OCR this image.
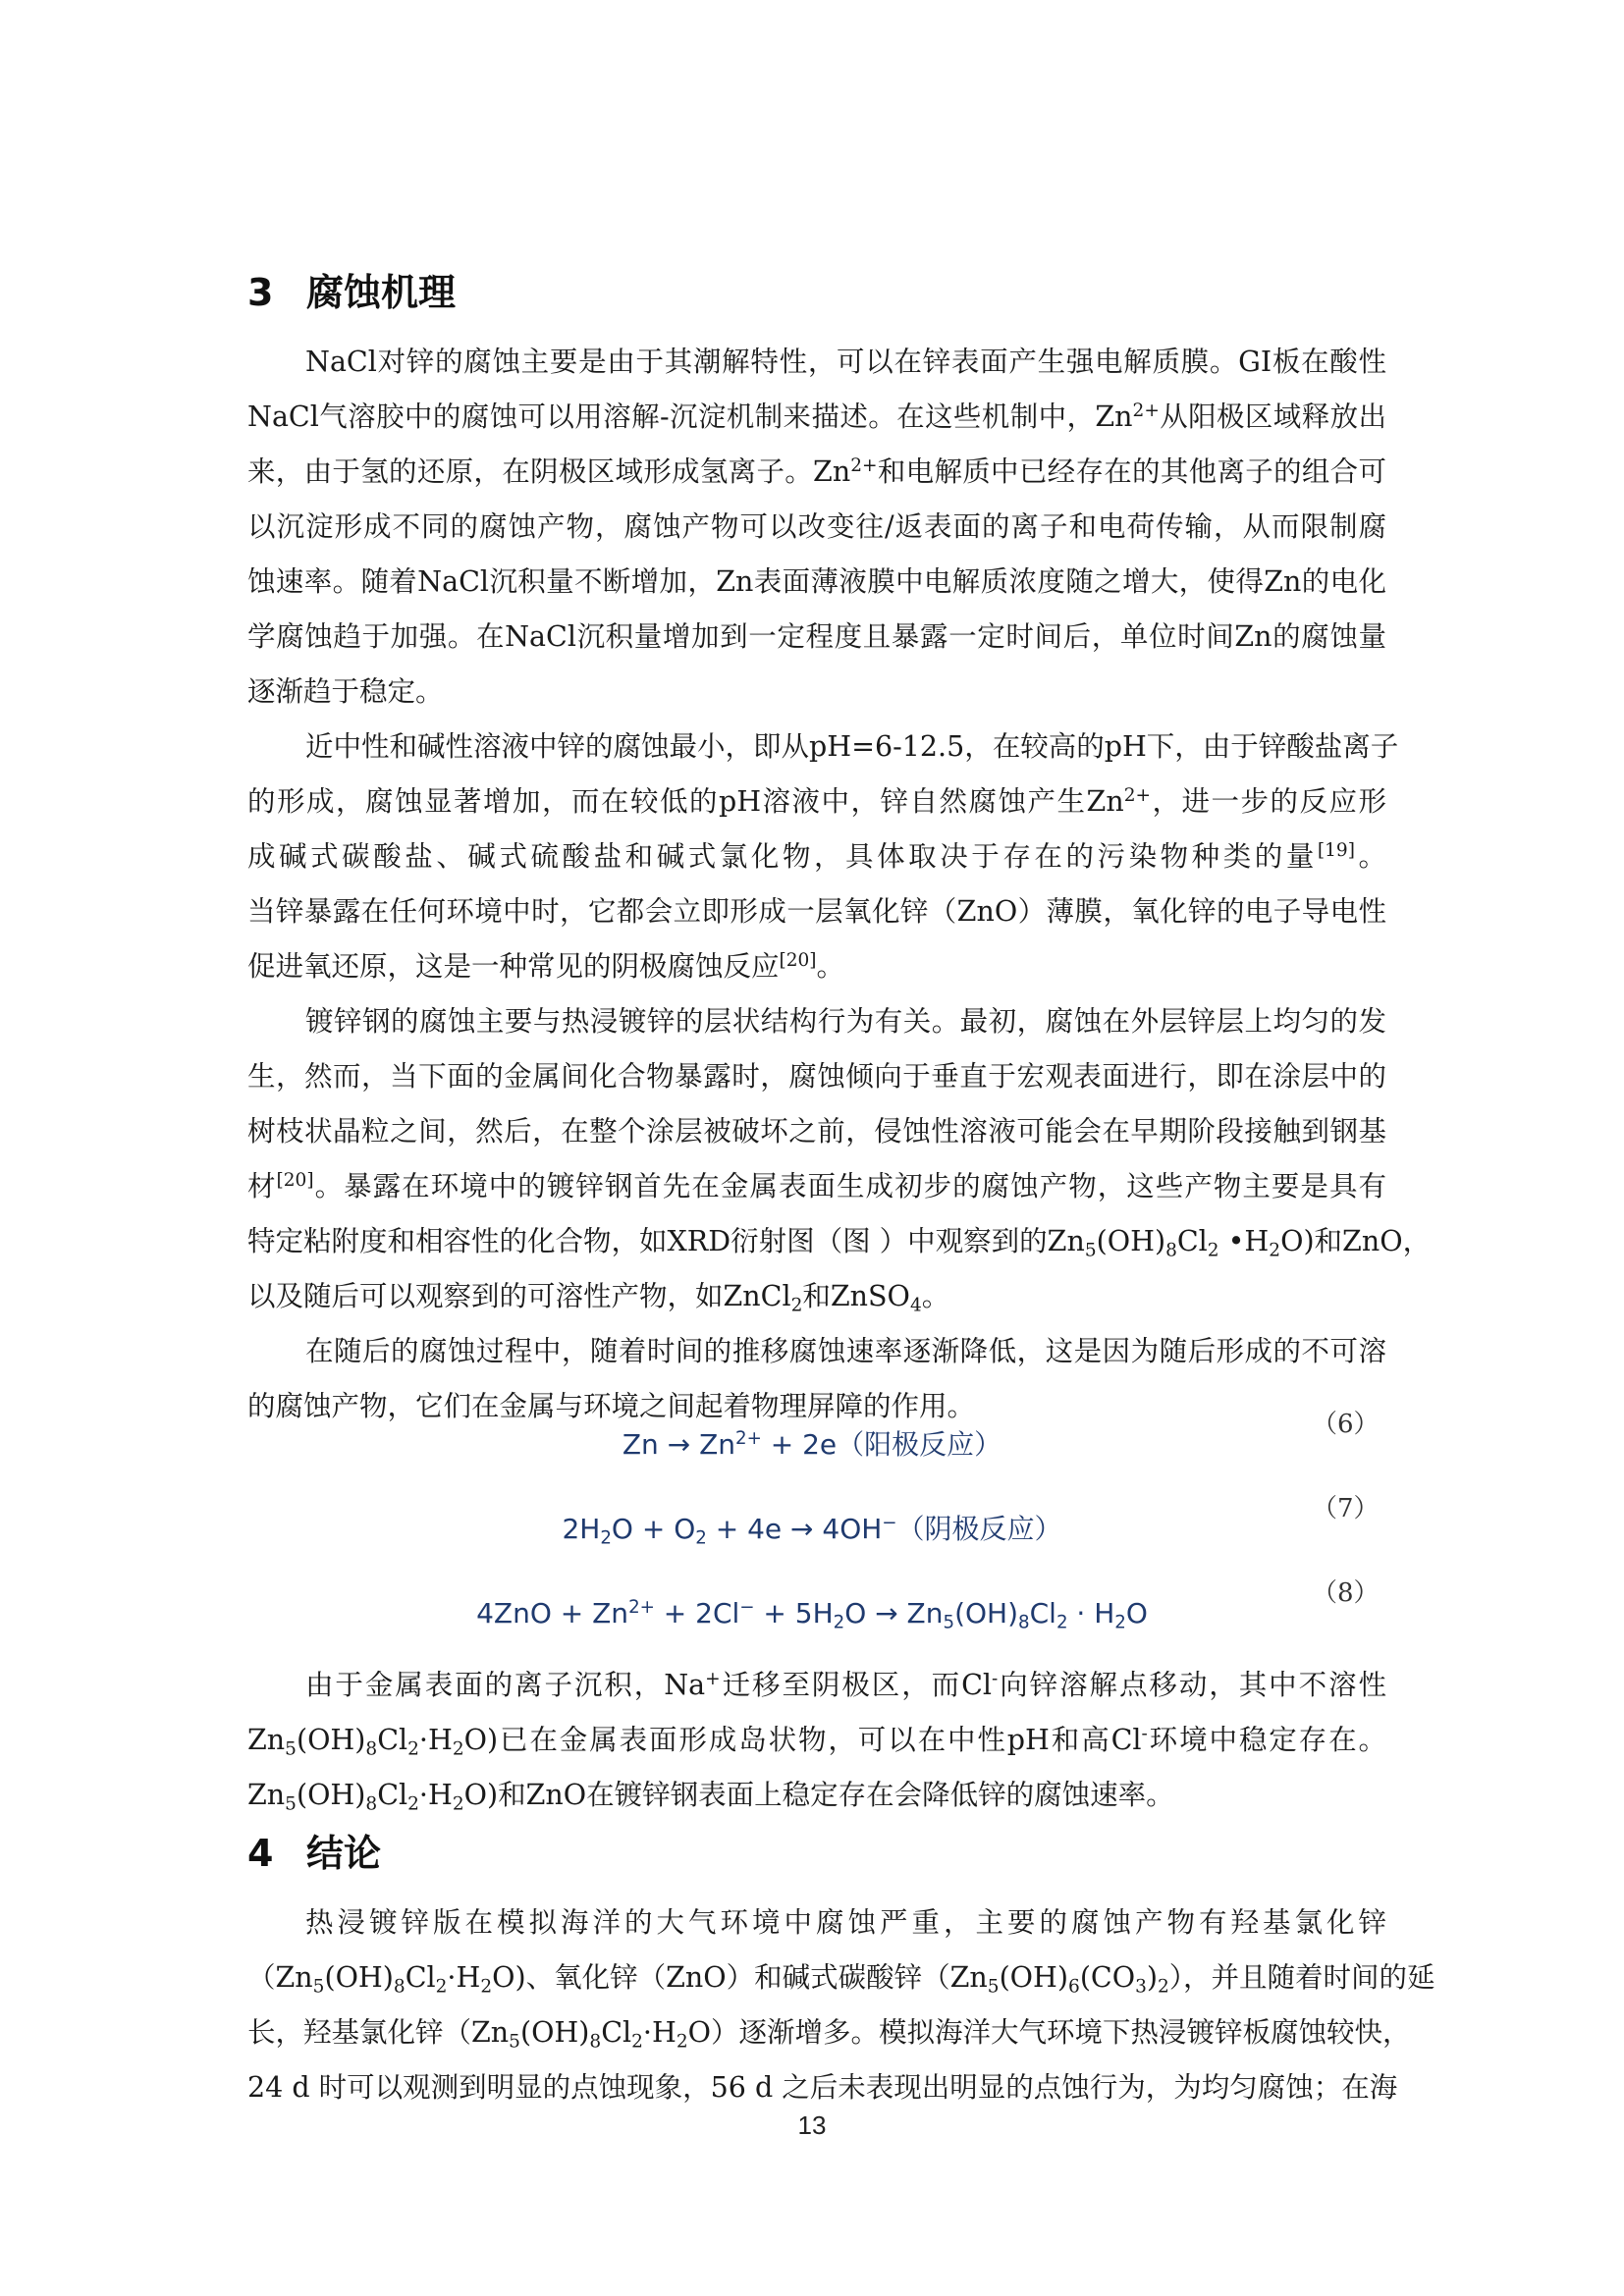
3 腐蚀机理
NaCl对锌的腐蚀主要是由于其潮解特性，可以在锌表面产生强电解质膜。GI板在酸性
NaCl气溶胶中的腐蚀可以用溶解-沉淀机制来描述。在这些机制中，$Zn^{2+}$从阳极区域释放出
来，由于氢的还原，在阴极区域形成氢离子。$Zn^{2+}$和电解质中已经存在的其他离子的组合可
以沉淀形成不同的腐蚀产物，腐蚀产物可以改变往/返表面的离子和电荷传输，从而限制腐
蚀速率。随着NaCl沉积量不断增加，Zn表面薄液膜中电解质浓度随之增大，使得Zn的电化
学腐蚀趋于加强。在NaCl沉积量增加到一定程度且暴露一定时间后，单位时间Zn的腐蚀量
逐渐趋于稳定。
近中性和碱性溶液中锌的腐蚀最小，即从pH=6-12.5，在较高的pH下，由于锌酸盐离子
的形成，腐蚀显著增加，而在较低的pH溶液中，锌自然腐蚀产生$Zn^{2+}$，进一步的反应形
成碱式碳酸盐、碱式硫酸盐和碱式氯化物，具体取决于存在的污染物种类的量[19]。
当锌暴露在任何环境中时，它都会立即形成一层氧化锌（ZnO）薄膜，氧化锌的电子导电性
促进氧还原，这是一种常见的阴极腐蚀反应[20]。
镀锌钢的腐蚀主要与热浸镀锌的层状结构行为有关。最初，腐蚀在外层锌层上均匀的发
生，然而，当下面的金属间化合物暴露时，腐蚀倾向于垂直于宏观表面进行，即在涂层中的
树枝状晶粒之间，然后，在整个涂层被破坏之前，侵蚀性溶液可能会在早期阶段接触到钢基
材[20]。暴露在环境中的镀锌钢首先在金属表面生成初步的腐蚀产物，这些产物主要是具有
特定粘附度和相容性的化合物，如XRD衍射图（图 ）中观察到的$Zn_5(OH)_8Cl_2$ $•H_2O$)和ZnO，
以及随后可以观察到的可溶性产物，如ZnCl$_2$和ZnSO$_4$。
在随后的腐蚀过程中，随着时间的推移腐蚀速率逐渐降低，这是因为随后形成的不可溶
的腐蚀产物，它们在金属与环境之间起着物理屏障的作用。
$Zn \to Zn^{2+} + 2e$（阳极反应）
（6）
$2H_2O + O_2 + 4e \to 4OH^-$（阴极反应）
（7）
$4ZnO + Zn^{2+} + 2Cl^- + 5H_2O \to Zn_5(OH)_8Cl_2 \cdot H_2O$
（8）
由于金属表面的离子沉积，Na+迁移至阴极区，而Cl-向锌溶解点移动，其中不溶性
$Zn_5(OH)_8Cl_2\cdot H_2O$)已在金属表面形成岛状物，可以在中性pH和高Cl-环境中稳定存在。
$Zn_5(OH)_8Cl_2\cdot H_2O$)和ZnO在镀锌钢表面上稳定存在会降低锌的腐蚀速率。
4 结论
热浸镀锌版在模拟海洋的大气环境中腐蚀严重，主要的腐蚀产物有羟基氯化锌
$(Zn_5(OH)_8Cl_2\cdot H_2O)$、氧化锌（ZnO）和碱式碳酸锌$(Zn_5(OH)_6(CO_3)_2)$，并且随着时间的延
长，羟基氯化锌$(Zn_5(OH)_8Cl_2\cdot H_2O)$逐渐增多。模拟海洋大气环境下热浸镀锌板腐蚀较快，
24 d 时可以观测到明显的点蚀现象，56 d 之后未表现出明显的点蚀行为，为均匀腐蚀；在海
13
